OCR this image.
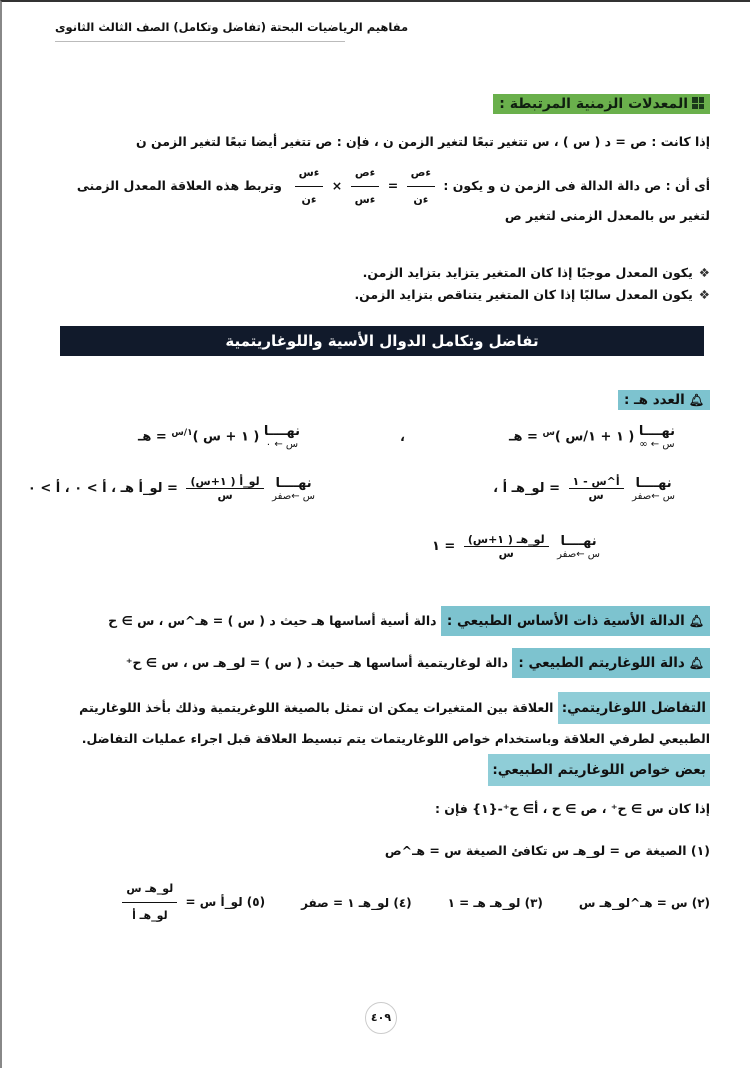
مفاهيم الرياضيات البحتة (تفاضل وتكامل) الصف الثالث الثانوى
المعدلات الزمنية المرتبطة :
إذا كانت : ص = د ( س ) ، س تتغير تبعًا لتغير الزمن ن ، فإن : ص تتغير أيضا تبعًا لتغير الزمن ن
أى أن : ص دالة الدالة فى الزمن ن و يكون :
$\frac{\text{ءص}}{\text{ءن}}$
=
$\frac{\text{ءص}}{\text{ءس}}$
×
$\frac{\text{ءس}}{\text{ءن}}$
وتربط هذه العلاقة المعدل الزمنى
لتغير س بالمعدل الزمنى لتغير ص
❖يكون المعدل موجبًا إذا كان المتغير يتزايد بتزايد الزمن.
❖يكون المعدل سالبًا إذا كان المتغير يتناقص بتزايد الزمن.
تفاضل وتكامل الدوال الأسية واللوغاريتمية
🔔︎العدد هـ :
نهــــا
س ← ∞
( ١ + ١/س )$^س$ = هـ
،
نهــــا
س ← ٠
( ١ + س )$^{١/س}$ = هـ
نهــــا
س ←صفر

$\frac{\text{أ\textasciicircum{}س - ١}}{\text{س}}$
= لو_هـ أ ،
نهــــا
س ←صفر

$\frac{\text{لو\_أ ( ١+س)}}{\text{س}}$
= لو_أ هـ ، أ > ٠ ، أ > ٠
نهــــا
س ←صفر

$\frac{\text{لو\_هـ ( ١+س)}}{\text{س}}$
= ١
🔔︎الدالة الأسية ذات الأساس الطبيعي : دالة أسية أساسها هـ حيث د ( س ) = هـ^س ، س ∋ ح
🔔︎دالة اللوغاريتم الطبيعي : دالة لوغاريتمية أساسها هـ حيث د ( س ) = لو_هـ س ، س ∋ ح⁺
التفاضل اللوغاريتمي: العلاقة بين المتغيرات يمكن ان تمثل بالصيغة اللوغريتمية وذلك بأخذ اللوغاريتم
الطبيعي لطرفي العلاقة وباستخدام خواص اللوغاريتمات يتم تبسيط العلاقة قبل اجراء عمليات التفاضل.
بعض خواص اللوغاريتم الطبيعي:
إذا كان س ∋ ح⁺ ، ص ∋ ح ، أ∋ ح⁺-{١} فإن :
(١) الصيغة ص = لو_هـ س تكافئ الصيغة س = هـ^ص
(٢) س = هـ^لو_هـ س
(٣) لو_هـ هـ = ١
(٤) لو_هـ ١ = صفر
(٥) لو_أ س =
$\frac{\text{لو\_هـ س}}{\text{لو\_هـ أ}}$
٤٠٩
